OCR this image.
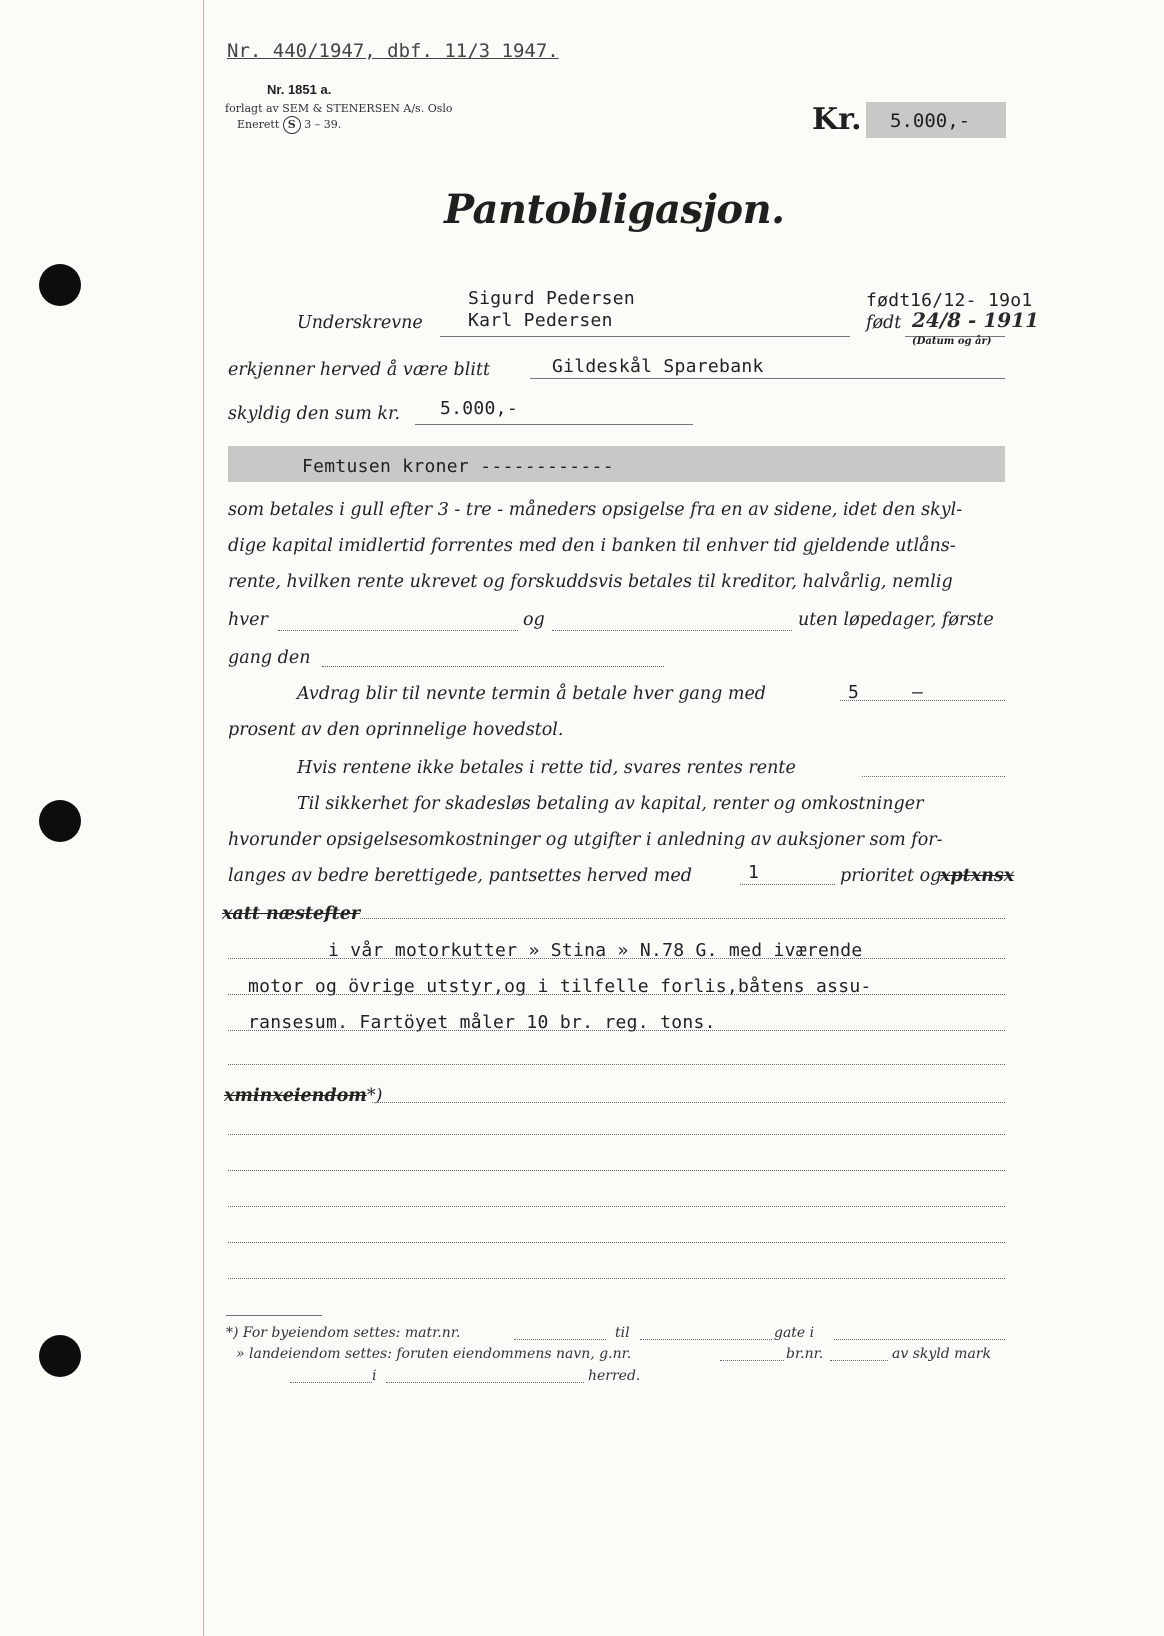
Nr. 440/1947, dbf. 11/3 1947.
Nr. 1851 a.
forlagt av SEM & STENERSEN A/s. Oslo
Enerett S 3 – 39.	Kr. 5.000,-
Pantobligasjon.
Sigurd Pedersen
Underskrevne	Karl Pedersen
født 16/12- 19o1
født 24/8 - 1911
(Datum og år)
erkjenner herved å være blitt	Gildeskål Sparebank
skyldig den sum kr. 5.000,-
Femtusen kroner ------------
som betales i gull efter 3 - tre - måneders opsigelse fra en av sidene, idet den skyl-
dige kapital imidlertid forrentes med den i banken til enhver tid gjeldende utlåns-
rente, hvilken rente ukrevet og forskuddsvis betales til kreditor, halvårlig, nemlig
hver	og	uten løpedager, første
gang den
Avdrag blir til nevnte termin å betale hver gang med	5	—
prosent av den oprinnelige hovedstol.
Hvis rentene ikke betales i rette tid, svares rentes rente
Til sikkerhet for skadesløs betaling av kapital, renter og omkostninger
hvorunder opsigelsesomkostninger og utgifter i anledning av auksjoner som for-
langes av bedre berettigede, pantsettes herved med	1	prioritet og
xptxnsx
xatt næstefter
i vår motorkutter » Stina » N.78 G. med iværende
motor og övrige utstyr,og i tilfelle forlis,båtens assu-
ransesum. Fartöyet måler 10 br. reg. tons.
xminxeiendom*)
*) For byeiendom settes: matr.nr.	til	gate i
» landeiendom settes: foruten eiendommens navn, g.nr.	br.nr.	av skyld mark
i	herred.
